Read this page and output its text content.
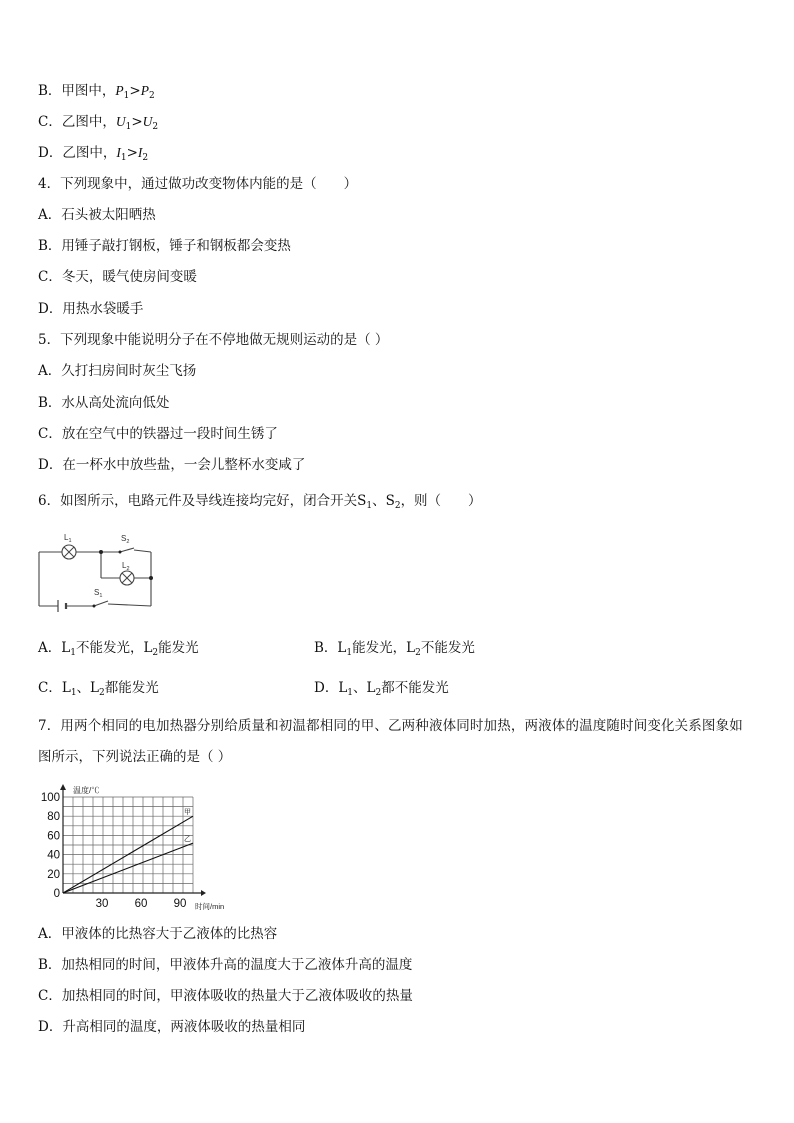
B．甲图中，$P_1>P_2$
C．乙图中，$U_1>U_2$
D．乙图中，$I_1>I_2$
4．下列现象中，通过做功改变物体内能的是（　　）
A．石头被太阳晒热
B．用锤子敲打钢板，锤子和钢板都会变热
C．冬天，暖气使房间变暖
D．用热水袋暖手
5．下列现象中能说明分子在不停地做无规则运动的是（ ）
A．久打扫房间时灰尘飞扬
B．水从高处流向低处
C．放在空气中的铁器过一段时间生锈了
D．在一杯水中放些盐，一会儿整杯水变咸了
6．如图所示，电路元件及导线连接均完好，闭合开关$S_1$、$S_2$，则（　　）
$L_1$	$S_2$
$L_2$
$S_1$
A．$L_1$不能发光，$L_2$能发光	B．$L_1$能发光，$L_2$不能发光
C．$L_1$、$L_2$都能发光	D．$L_1$、$L_2$都不能发光
7．用两个相同的电加热器分别给质量和初温都相同的甲、乙两种液体同时加热，两液体的温度随时间变化关系图象如
图所示，下列说法正确的是（ ）
100
80
60
40
20
0
30 60 90
温度/℃
时间/min
甲
乙
A．甲液体的比热容大于乙液体的比热容
B．加热相同的时间，甲液体升高的温度大于乙液体升高的温度
C．加热相同的时间，甲液体吸收的热量大于乙液体吸收的热量
D．升高相同的温度，两液体吸收的热量相同
